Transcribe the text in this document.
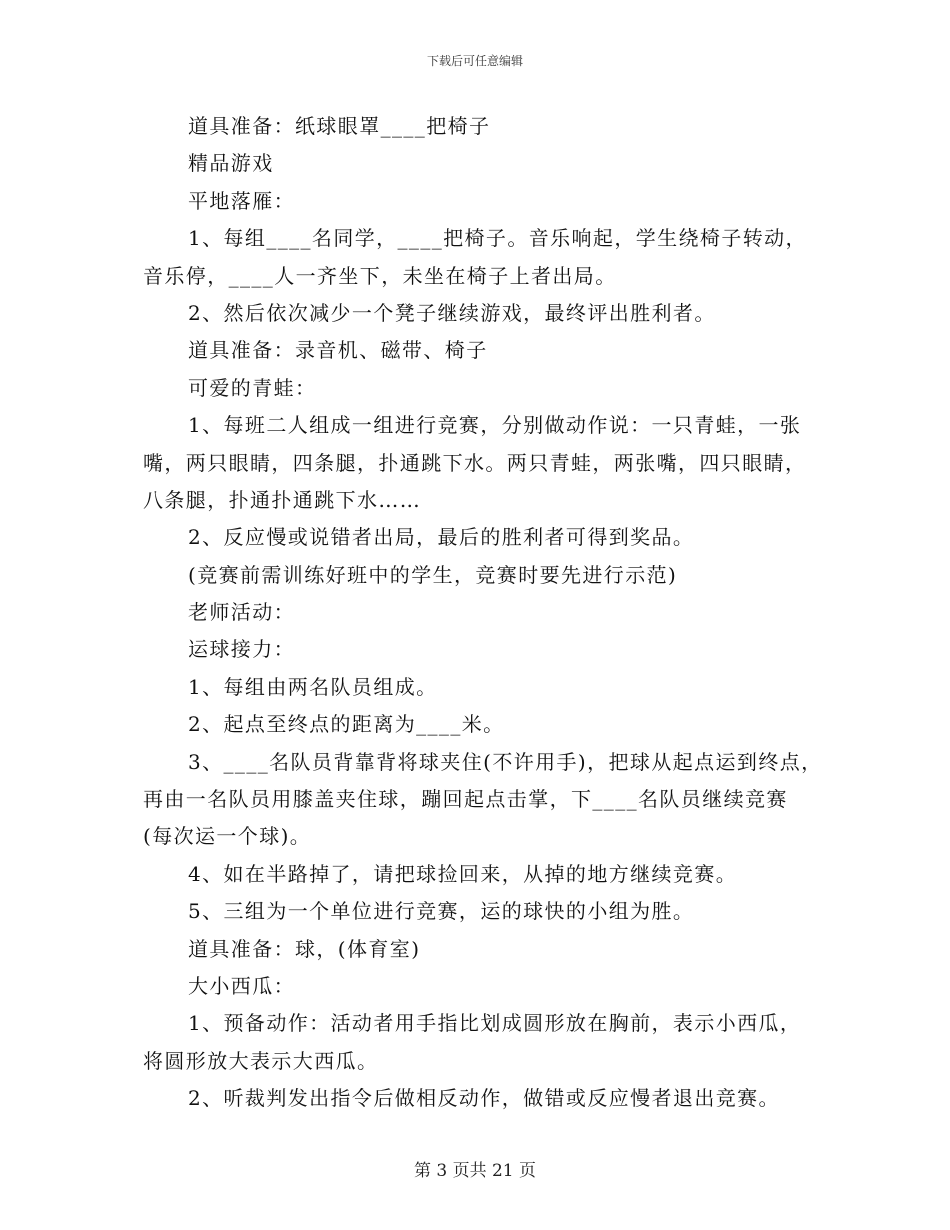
下载后可任意编辑
道具准备：纸球眼罩____把椅子
精品游戏
平地落雁：
1、每组____名同学，____把椅子。音乐响起，学生绕椅子转动，
音乐停，____人一齐坐下，未坐在椅子上者出局。
2、然后依次减少一个凳子继续游戏，最终评出胜利者。
道具准备：录音机、磁带、椅子
可爱的青蛙：
1、每班二人组成一组进行竞赛，分别做动作说：一只青蛙，一张
嘴，两只眼睛，四条腿，扑通跳下水。两只青蛙，两张嘴，四只眼睛，
八条腿，扑通扑通跳下水……
2、反应慢或说错者出局，最后的胜利者可得到奖品。
(竞赛前需训练好班中的学生，竞赛时要先进行示范)
老师活动：
运球接力：
1、每组由两名队员组成。
2、起点至终点的距离为____米。
3、____名队员背靠背将球夹住(不许用手)，把球从起点运到终点，
再由一名队员用膝盖夹住球，蹦回起点击掌，下____名队员继续竞赛
(每次运一个球)。
4、如在半路掉了，请把球捡回来，从掉的地方继续竞赛。
5、三组为一个单位进行竞赛，运的球快的小组为胜。
道具准备：球，(体育室)
大小西瓜：
1、预备动作：活动者用手指比划成圆形放在胸前，表示小西瓜，
将圆形放大表示大西瓜。
2、听裁判发出指令后做相反动作，做错或反应慢者退出竞赛。
第 3 页共 21 页
